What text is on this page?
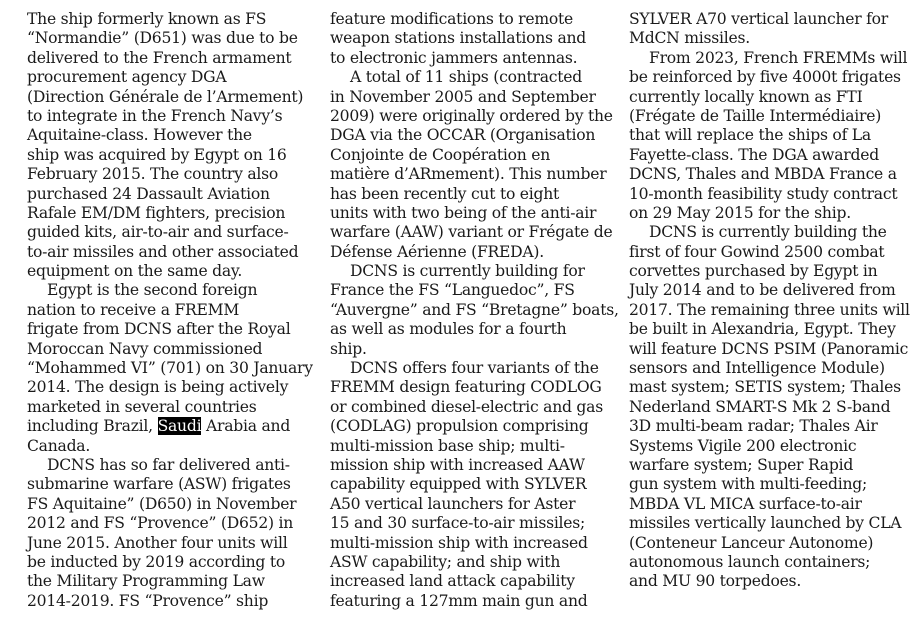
The ship formerly known as FS
“Normandie” (D651) was due to be
delivered to the French armament
procurement agency DGA
(Direction Générale de l’Armement)
to integrate in the French Navy’s
Aquitaine-class. However the
ship was acquired by Egypt on 16
February 2015. The country also
purchased 24 Dassault Aviation
Rafale EM/DM fighters, precision
guided kits, air-to-air and surface-
to-air missiles and other associated
equipment on the same day.
Egypt is the second foreign
nation to receive a FREMM
frigate from DCNS after the Royal
Moroccan Navy commissioned
“Mohammed VI” (701) on 30 January
2014. The design is being actively
marketed in several countries
including Brazil, Saudi Arabia and
Canada.
DCNS has so far delivered anti-
submarine warfare (ASW) frigates
FS Aquitaine” (D650) in November
2012 and FS “Provence” (D652) in
June 2015. Another four units will
be inducted by 2019 according to
the Military Programming Law
2014-2019. FS “Provence” ship
feature modifications to remote
weapon stations installations and
to electronic jammers antennas.
A total of 11 ships (contracted
in November 2005 and September
2009) were originally ordered by the
DGA via the OCCAR (Organisation
Conjointe de Coopération en
matière d’ARmement). This number
has been recently cut to eight
units with two being of the anti-air
warfare (AAW) variant or Frégate de
Défense Aérienne (FREDA).
DCNS is currently building for
France the FS “Languedoc”, FS
“Auvergne” and FS “Bretagne” boats,
as well as modules for a fourth
ship.
DCNS offers four variants of the
FREMM design featuring CODLOG
or combined diesel-electric and gas
(CODLAG) propulsion comprising
multi-mission base ship; multi-
mission ship with increased AAW
capability equipped with SYLVER
A50 vertical launchers for Aster
15 and 30 surface-to-air missiles;
multi-mission ship with increased
ASW capability; and ship with
increased land attack capability
featuring a 127mm main gun and
SYLVER A70 vertical launcher for
MdCN missiles.
From 2023, French FREMMs will
be reinforced by five 4000t frigates
currently locally known as FTI
(Frégate de Taille Intermédiaire)
that will replace the ships of La
Fayette-class. The DGA awarded
DCNS, Thales and MBDA France a
10-month feasibility study contract
on 29 May 2015 for the ship.
DCNS is currently building the
first of four Gowind 2500 combat
corvettes purchased by Egypt in
July 2014 and to be delivered from
2017. The remaining three units will
be built in Alexandria, Egypt. They
will feature DCNS PSIM (Panoramic
sensors and Intelligence Module)
mast system; SETIS system; Thales
Nederland SMART-S Mk 2 S-band
3D multi-beam radar; Thales Air
Systems Vigile 200 electronic
warfare system; Super Rapid
gun system with multi-feeding;
MBDA VL MICA surface-to-air
missiles vertically launched by CLA
(Conteneur Lanceur Autonome)
autonomous launch containers;
and MU 90 torpedoes.
